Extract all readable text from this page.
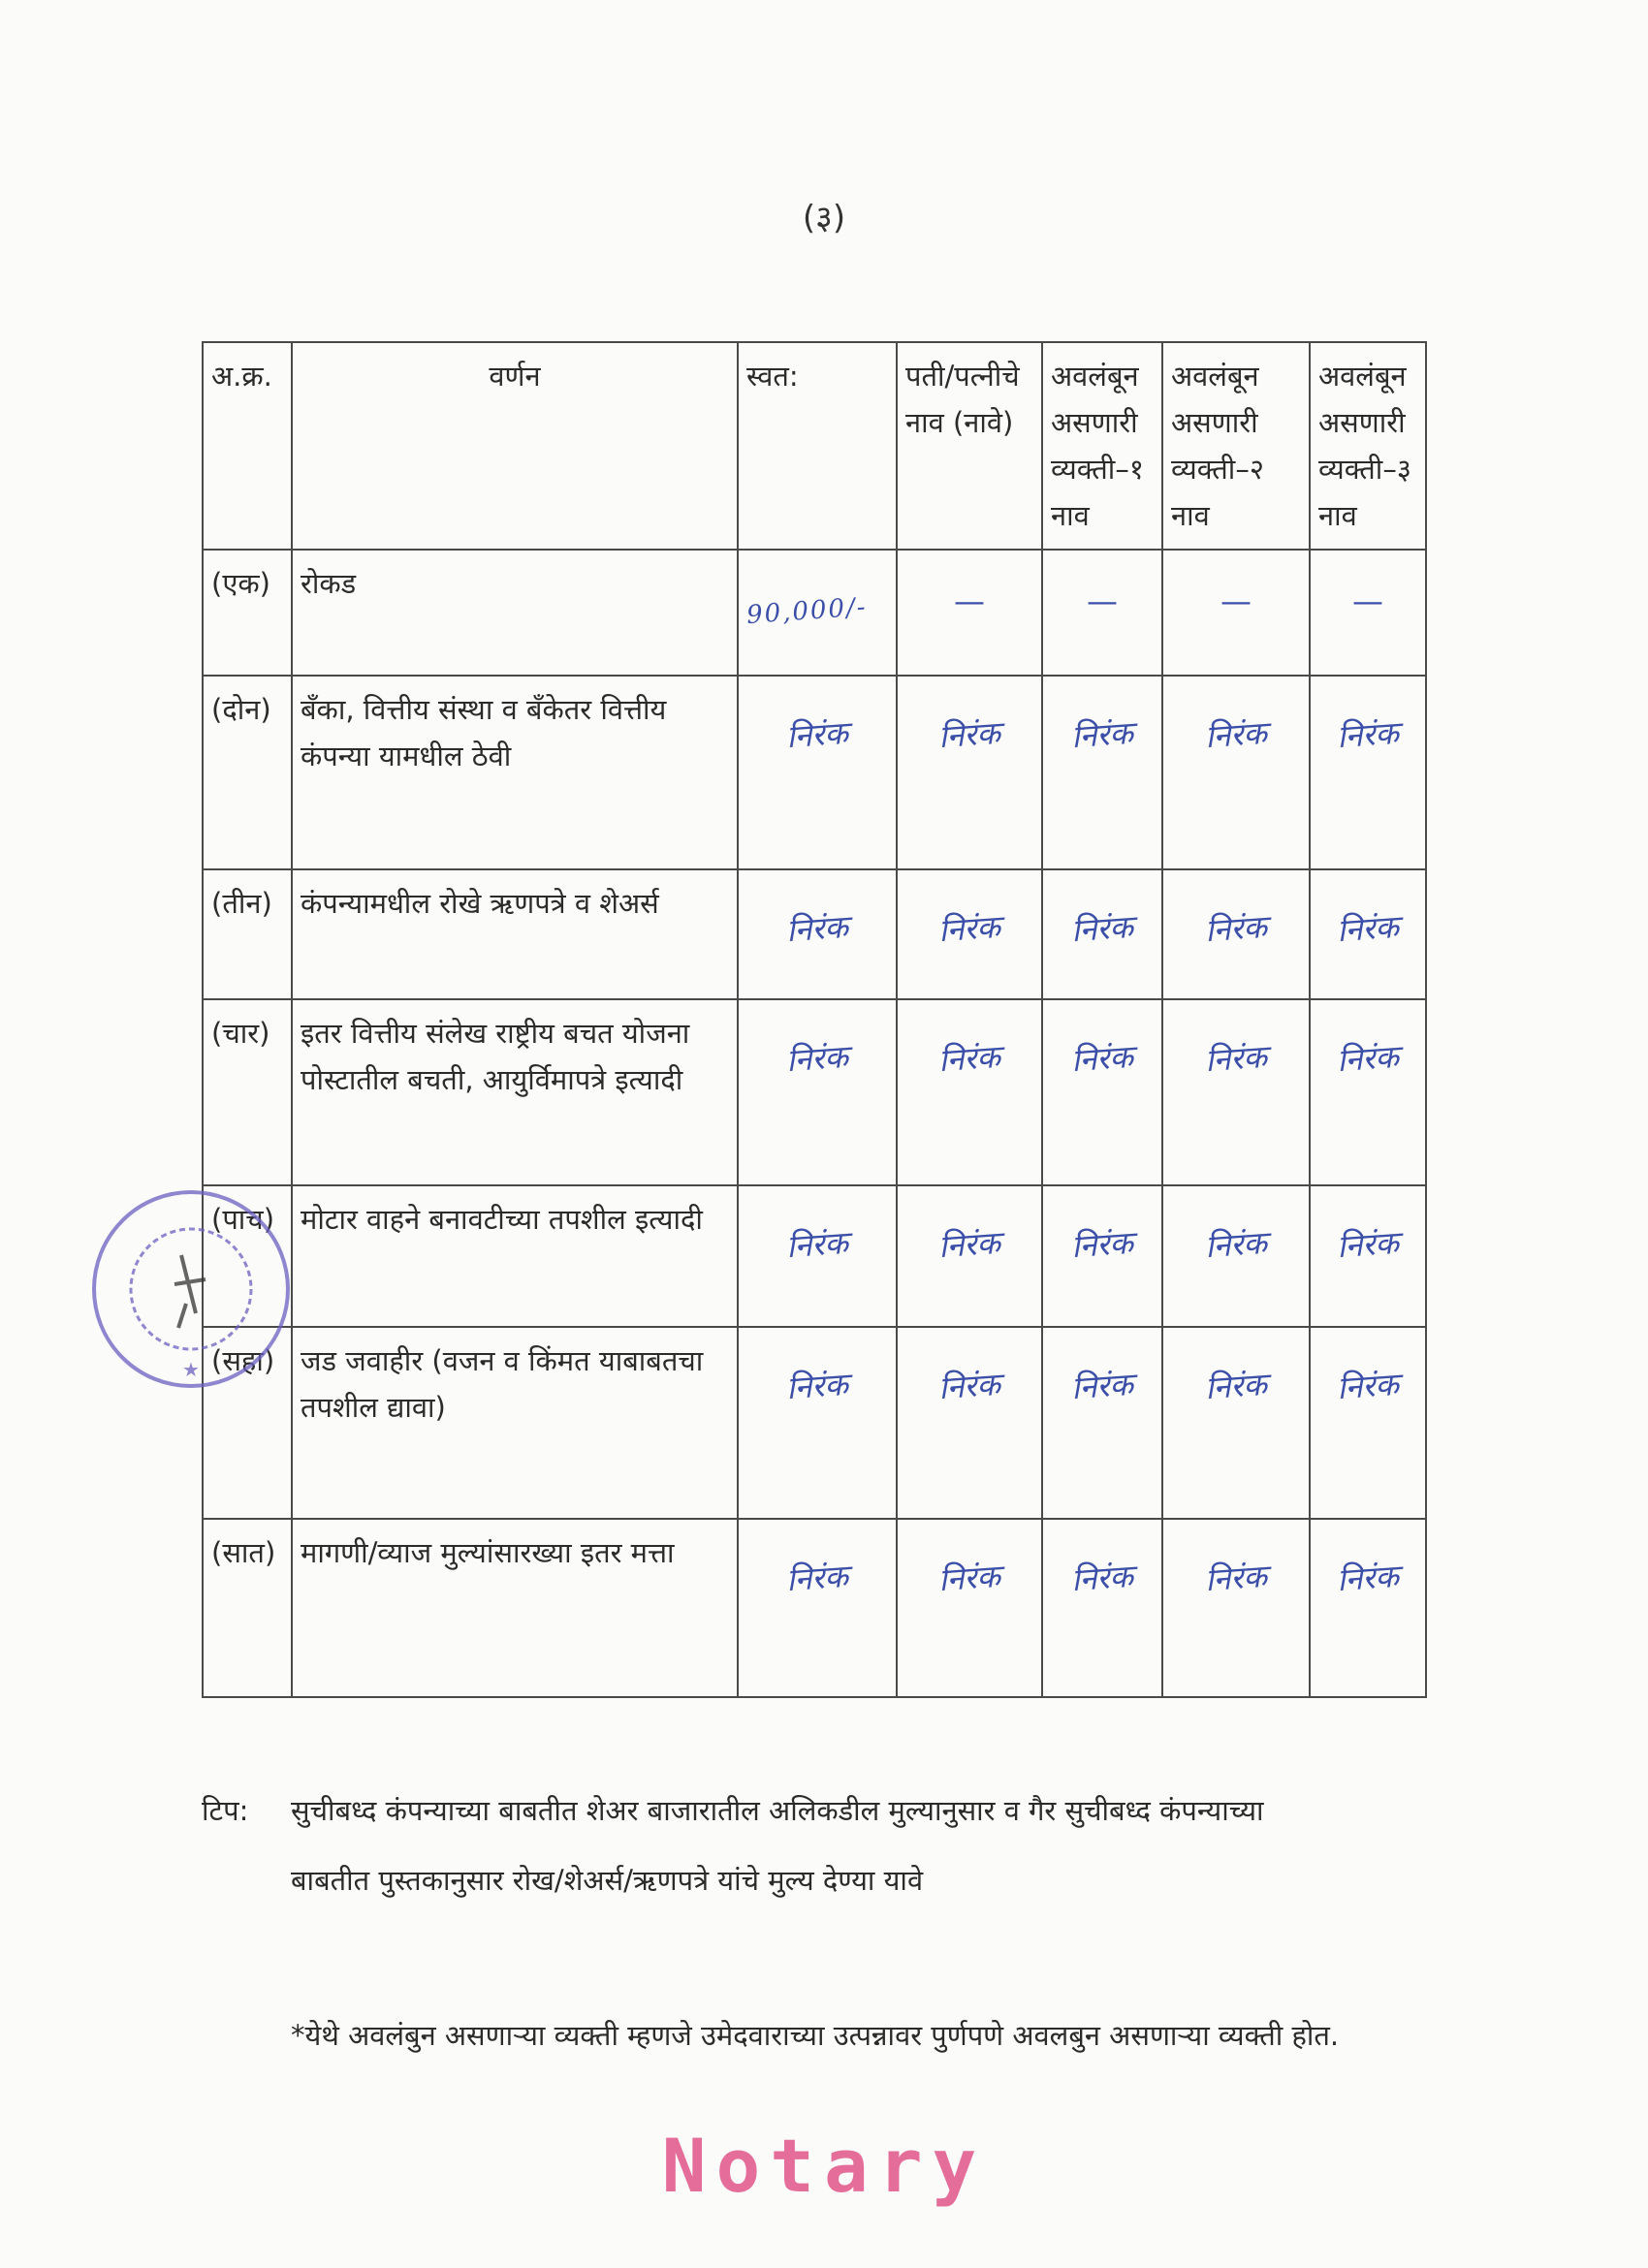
(३)
अ.क्र.	वर्णन	स्वत:	पती/पत्नीचे नाव (नावे)	अवलंबून असणारी व्यक्ती–१ नाव	अवलंबून असणारी व्यक्ती–२ नाव	अवलंबून असणारी व्यक्ती–३ नाव
(एक)	रोकड	90,000/-	—	—	—	—

(दोन)	बँका, वित्तीय संस्था व बँकेतर वित्तीय कंपन्या यामधील ठेवी	निरंक	निरंक	निरंक	निरंक	निरंक

(तीन)	कंपन्यामधील रोखे ऋणपत्रे व शेअर्स	निरंक	निरंक	निरंक	निरंक	निरंक

(चार)	इतर वित्तीय संलेख राष्ट्रीय बचत योजना पोस्टातील बचती, आयुर्विमापत्रे इत्यादी	निरंक	निरंक	निरंक	निरंक	निरंक

(पाच)	मोटार वाहने बनावटीच्या तपशील इत्यादी	निरंक	निरंक	निरंक	निरंक	निरंक

(सहा)	जड जवाहीर (वजन व किंमत याबाबतचा तपशील द्यावा)	निरंक	निरंक	निरंक	निरंक	निरंक

(सात)	मागणी/व्याज मुल्यांसारख्या इतर मत्ता	निरंक	निरंक	निरंक	निरंक	निरंक
★
टिप: सुचीबध्द कंपन्याच्या बाबतीत शेअर बाजारातील अलिकडील मुल्यानुसार व गैर सुचीबध्द कंपन्याच्या
बाबतीत पुस्तकानुसार रोख/शेअर्स/ऋणपत्रे यांचे मुल्य देण्या यावे
*येथे अवलंबुन असणाऱ्या व्यक्ती म्हणजे उमेदवाराच्या उत्पन्नावर पुर्णपणे अवलबुन असणाऱ्या व्यक्ती होत.
Notary
